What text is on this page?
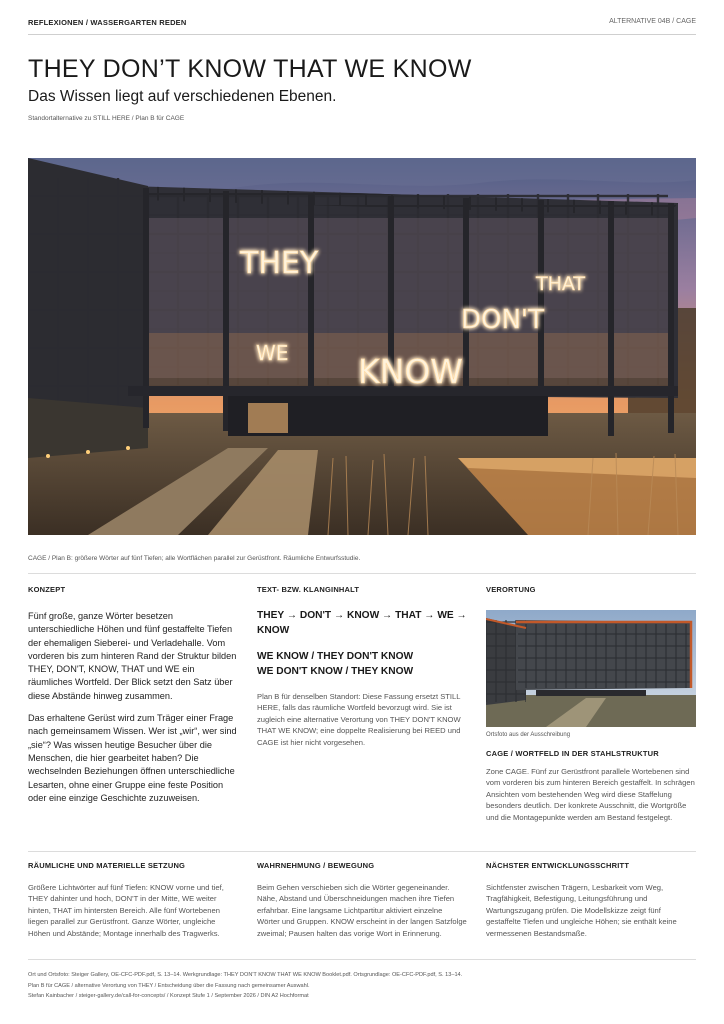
REFLEXIONEN / WASSERGARTEN REDEN	ALTERNATIVE 04B / CAGE
THEY DON’T KNOW THAT WE KNOW
Das Wissen liegt auf verschiedenen Ebenen.
Standortalternative zu STILL HERE / Plan B für CAGE
THEY
THAT
DON'T
WE KNOW
CAGE / Plan B: größere Wörter auf fünf Tiefen; alle Wortflächen parallel zur Gerüstfront. Räumliche Entwurfsstudie.
KONZEPT

Fünf große, ganze Wörter besetzen unterschiedliche Höhen und fünf gestaffelte Tiefen der ehemaligen Sieberei- und Verladehalle. Vom vorderen bis zum hinteren Rand der Struktur bilden THEY, DON'T, KNOW, THAT und WE ein räumliches Wortfeld. Der Blick setzt den Satz über diese Abstände hinweg zusammen.

Das erhaltene Gerüst wird zum Träger einer Frage nach gemeinsamem Wissen. Wer ist „wir“, wer sind „sie“? Was wissen heutige Besucher über die Menschen, die hier gearbeitet haben? Die wechselnden Beziehungen öffnen unterschiedliche Lesarten, ohne einer Gruppe eine feste Position oder eine einzige Geschichte zuzuweisen.

TEXT- BZW. KLANGINHALT
THEY → DON'T → KNOW → THAT → WE → KNOW
WE KNOW / THEY DON'T KNOW
WE DON'T KNOW / THEY KNOW

Plan B für denselben Standort: Diese Fassung ersetzt STILL HERE, falls das räumliche Wortfeld bevorzugt wird. Sie ist zugleich eine alternative Verortung von THEY DON'T KNOW THAT WE KNOW; eine doppelte Realisierung bei REED und CAGE ist hier nicht vorgesehen.

VERORTUNG
Ortsfoto aus der Ausschreibung
CAGE / WORTFELD IN DER STAHLSTRUKTUR

Zone CAGE. Fünf zur Gerüstfront parallele Wortebenen sind vom vorderen bis zum hinteren Bereich gestaffelt. In schrägen Ansichten vom bestehenden Weg wird diese Staffelung besonders deutlich. Der konkrete Ausschnitt, die Wortgröße und die Montagepunkte werden am Bestand festgelegt.

RÄUMLICHE UND MATERIELLE SETZUNG

Größere Lichtwörter auf fünf Tiefen: KNOW vorne und tief, THEY dahinter und hoch, DON'T in der Mitte, WE weiter hinten, THAT im hintersten Bereich. Alle fünf Wortebenen liegen parallel zur Gerüstfront. Ganze Wörter, ungleiche Höhen und Abstände; Montage innerhalb des Tragwerks.

WAHRNEHMUNG / BEWEGUNG

Beim Gehen verschieben sich die Wörter gegeneinander. Nähe, Abstand und Überschneidungen machen ihre Tiefen erfahrbar. Eine langsame Lichtpartitur aktiviert einzelne Wörter und Gruppen. KNOW erscheint in der langen Satzfolge zweimal; Pausen halten das vorige Wort in Erinnerung.

NÄCHSTER ENTWICKLUNGSSCHRITT

Sichtfenster zwischen Trägern, Lesbarkeit vom Weg, Tragfähigkeit, Befestigung, Leitungsführung und Wartungszugang prüfen. Die Modellskizze zeigt fünf gestaffelte Tiefen und ungleiche Höhen; sie enthält keine vermessenen Bestandsmaße.

Ort und Ortsfoto: Steiger Gallery, OE-CFC-PDF.pdf, S. 13–14. Werkgrundlage: THEY DON'T KNOW THAT WE KNOW Booklet.pdf. Ortsgrundlage: OE-CFC-PDF.pdf, S. 13–14.
Plan B für CAGE / alternative Verortung von THEY / Entscheidung über die Fassung nach gemeinsamer Auswahl.
Stefan Kainbacher / steiger-gallery.de/call-for-concepts/ / Konzept Stufe 1 / September 2026 / DIN A2 Hochformat
